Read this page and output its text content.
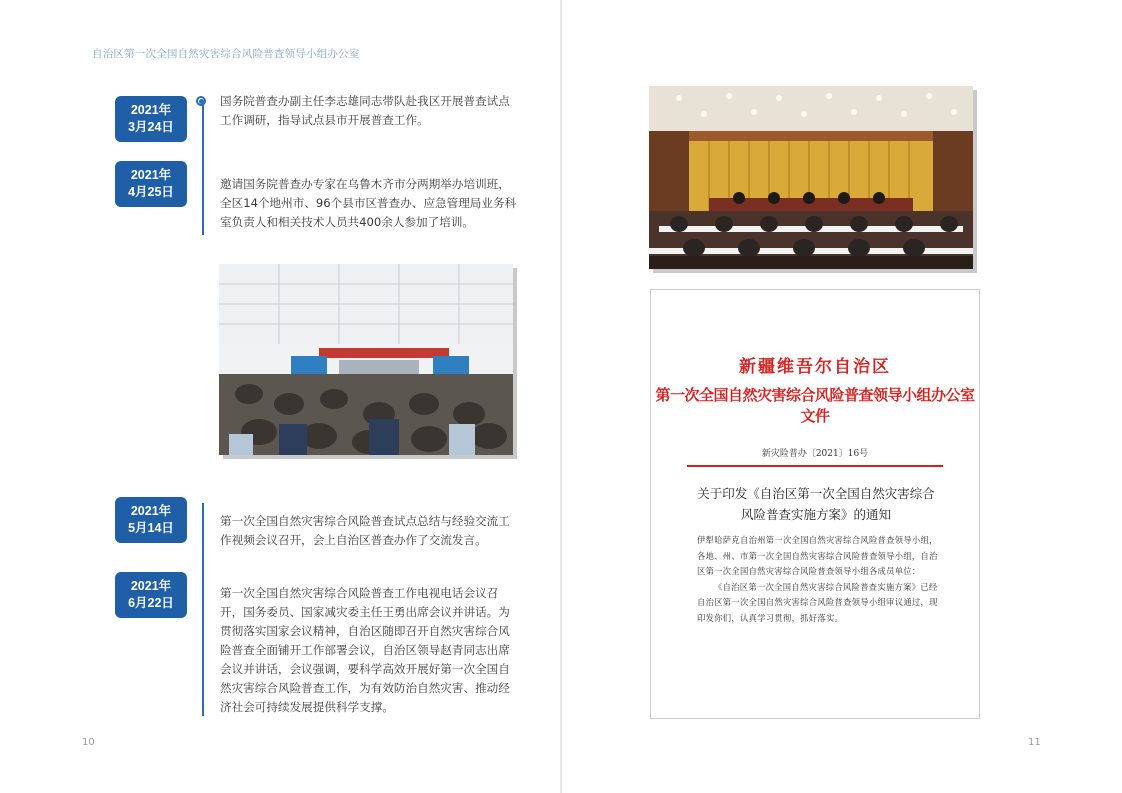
自治区第一次全国自然灾害综合风险普查领导小组办公室
2021年
3月24日
国务院普查办副主任李志雄同志带队赴我区开展普查试点工作调研，指导试点县市开展普查工作。
2021年
4月25日
邀请国务院普查办专家在乌鲁木齐市分两期举办培训班，全区14个地州市、96个县市区普查办、应急管理局业务科室负责人和相关技术人员共400余人参加了培训。
2021年
5月14日	第一次全国自然灾害综合风险普查试点总结与经验交流工作视频会议召开，会上自治区普查办作了交流发言。
2021年
6月22日
第一次全国自然灾害综合风险普查工作电视电话会议召开，国务委员、国家减灾委主任王勇出席会议并讲话。为贯彻落实国家会议精神，自治区随即召开自然灾害综合风险普查全面铺开工作部署会议，自治区领导赵青同志出席会议并讲话，会议强调，要科学高效开展好第一次全国自然灾害综合风险普查工作，为有效防治自然灾害、推动经济社会可持续发展提供科学支撑。
10
新疆维吾尔自治区
第一次全国自然灾害综合风险普查领导小组办公室文件
新灾险普办〔2021〕16号
关于印发《自治区第一次全国自然灾害综合
风险普查实施方案》的通知

伊犁哈萨克自治州第一次全国自然灾害综合风险普查领导小组，各地、州、市第一次全国自然灾害综合风险普查领导小组，自治区第一次全国自然灾害综合风险普查领导小组各成员单位：

《自治区第一次全国自然灾害综合风险普查实施方案》已经自治区第一次全国自然灾害综合风险普查领导小组审议通过，现印发你们，认真学习贯彻，抓好落实。

11
